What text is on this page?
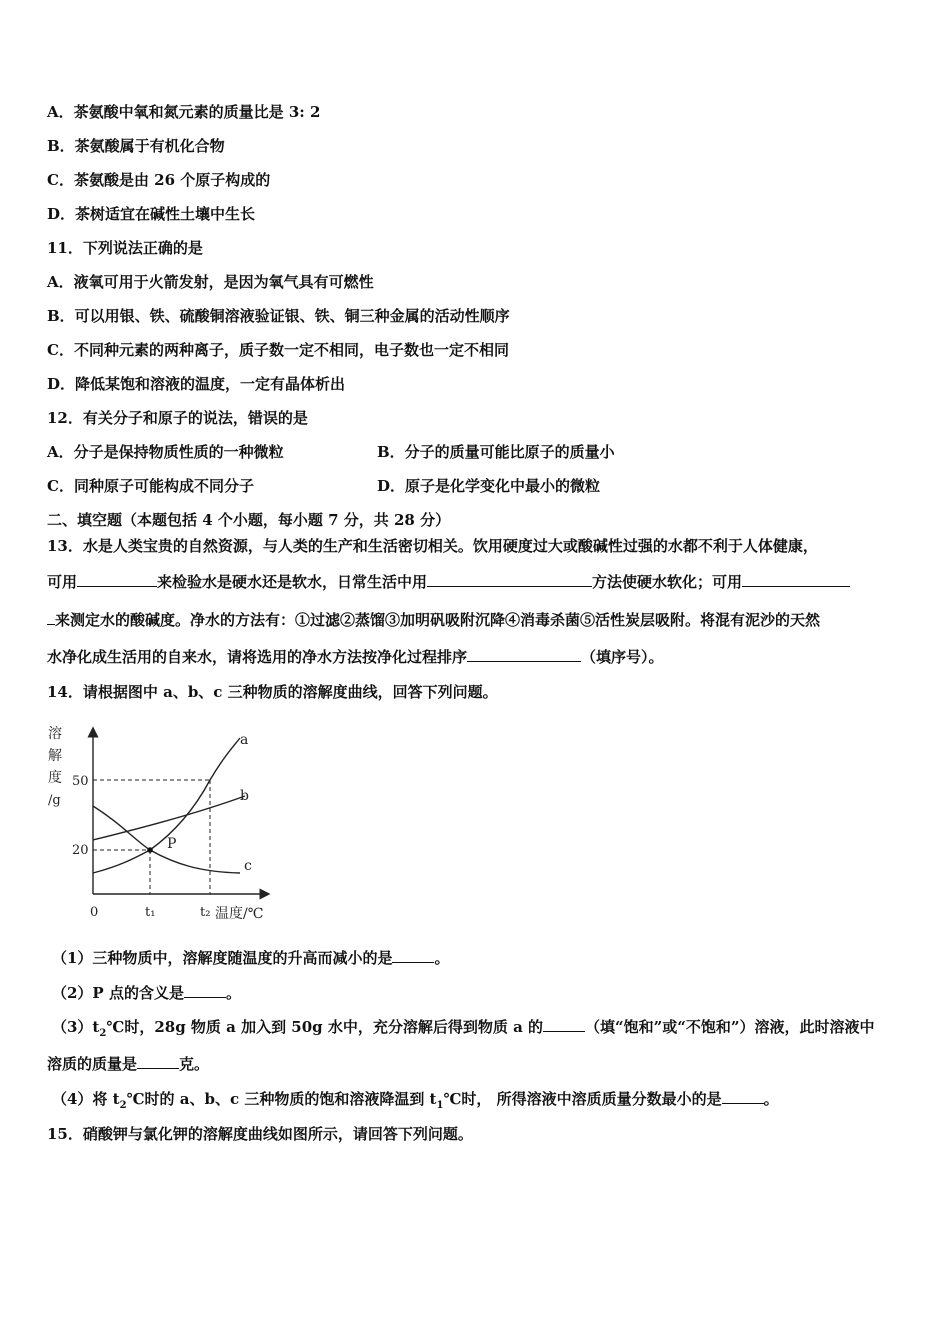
A．茶氨酸中氧和氮元素的质量比是 3: 2
B．茶氨酸属于有机化合物
C．茶氨酸是由 26 个原子构成的
D．茶树适宜在碱性土壤中生长
11．下列说法正确的是
A．液氧可用于火箭发射，是因为氧气具有可燃性
B．可以用银、铁、硫酸铜溶液验证银、铁、铜三种金属的活动性顺序
C．不同种元素的两种离子，质子数一定不相同，电子数也一定不相同
D．降低某饱和溶液的温度，一定有晶体析出
12．有关分子和原子的说法，错误的是
A．分子是保持物质性质的一种微粒	B．分子的质量可能比原子的质量小
C．同种原子可能构成不同分子	D．原子是化学变化中最小的微粒
二、填空题（本题包括 4 个小题，每小题 7 分，共 28 分）
13．水是人类宝贵的自然资源，与人类的生产和生活密切相关。饮用硬度过大或酸碱性过强的水都不利于人体健康，
可用	来检验水是硬水还是软水，日常生活中用	方法使硬水软化；可用
来测定水的酸碱度。净水的方法有：①过滤②蒸馏③加明矾吸附沉降④消毒杀菌⑤活性炭层吸附。将混有泥沙的天然
水净化成生活用的自来水，请将选用的净水方法按净化过程排序	（填序号）。
14．请根据图中 a、b、c 三种物质的溶解度曲线，回答下列问题。
溶
解
度
/g
a
b
c
P
50
20
0	t₁	t₂ 温度/℃
（1）三种物质中，溶解度随温度的升高而减小的是	。
（2）P 点的含义是	。
$(3)t_2℃$时，28g 物质 a 加入到 50g 水中，充分溶解后得到物质 a 的	（填“饱和”或“不饱和”）溶液，此时溶液中
溶质的质量是	克。
（4）将 $t_2℃$时的 a、b、c 三种物质的饱和溶液降温到 $t_1℃$时， 所得溶液中溶质质量分数最小的是	。
15．硝酸钾与氯化钾的溶解度曲线如图所示，请回答下列问题。
